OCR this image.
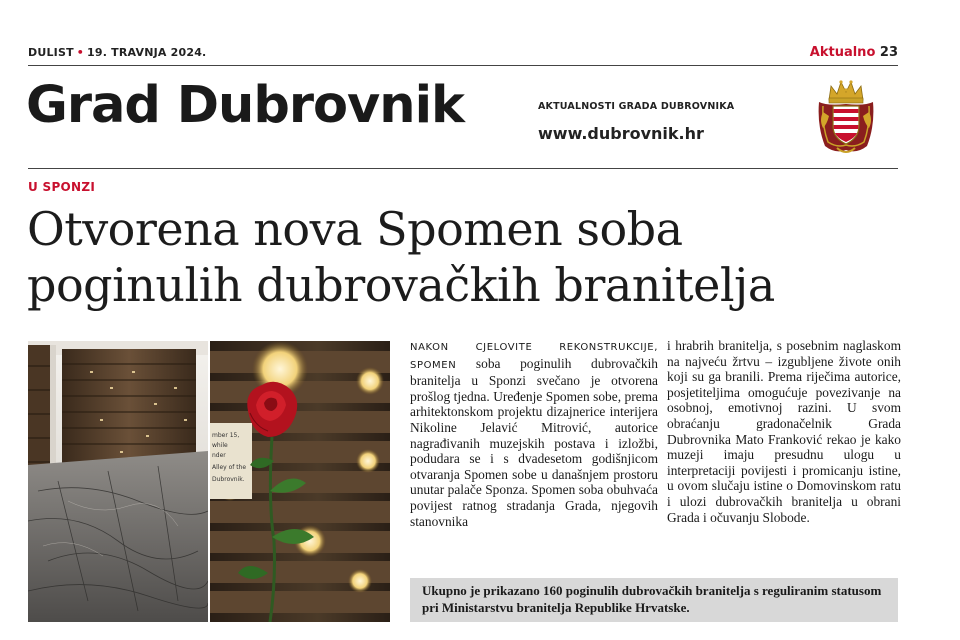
DULIST • 19. TRAVNJA 2024.	Aktualno 23
Grad Dubrovnik	AKTUALNOSTI GRADA DUBROVNIKA
www.dubrovnik.hr
U SPONZI
Otvorena nova Spomen soba poginulih dubrovačkih branitelja
mber 15,
while
nder
Alley of the
Dubrovnik.
NAKON CJELOVITE REKONSTRUKCIJE, SPOMEN soba poginulih dubrovačkih branitelja u Sponzi svečano je otvorena prošlog tjedna. Uređenje Spomen sobe, prema arhitektonskom projektu dizajnerice interijera Nikoline Jelavić Mitrović, autorice nagrađivanih muzejskih postava i izložbi, podudara se i s dvadesetom godišnjicom otvaranja Spomen sobe u današnjem prostoru unutar palače Sponza. Spomen soba obuhvaća povijest ratnog stradanja Grada, njegovih stanovnika
i hrabrih branitelja, s posebnim naglaskom na najveću žrtvu – izgubljene živote onih koji su ga branili. Prema riječima autorice, posjetiteljima omogućuje povezivanje na osobnoj, emotivnoj razini. U svom obraćanju gradonačelnik Grada Dubrovnika Mato Franković rekao je kako muzeji imaju presudnu ulogu u interpretaciji povijesti i promicanju istine, u ovom slučaju istine o Domovinskom ratu i ulozi dubrovačkih branitelja u obrani Grada i očuvanju Slobode.
Ukupno je prikazano 160 poginulih dubrovačkih branitelja s reguliranim statusom pri Ministarstvu branitelja Republike Hrvatske.
